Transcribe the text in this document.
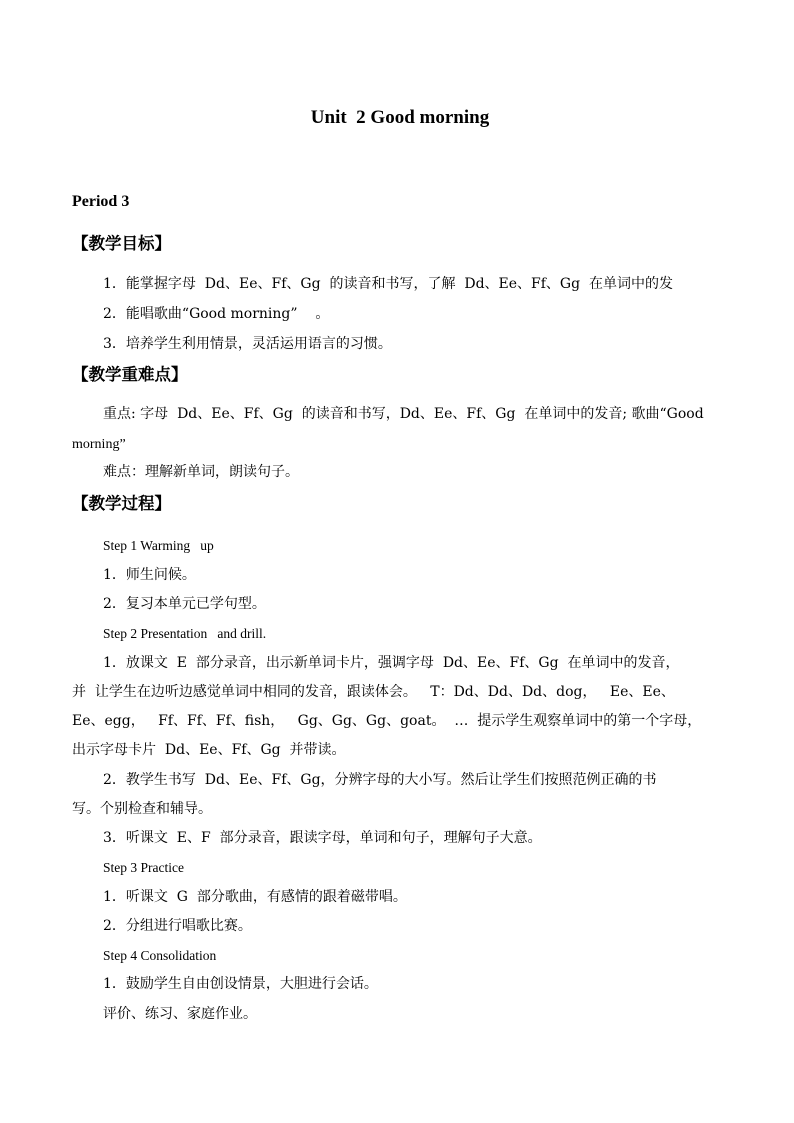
Unit  2 Good morning
Period 3
【教学目标】
1．能掌握字母  Dd、Ee、Ff、Gg  的读音和书写，了解  Dd、Ee、Ff、Gg  在单词中的发
2．能唱歌曲“Good morning”    。
3．培养学生利用情景，灵活运用语言的习惯。
【教学重难点】
重点: 字母  Dd、Ee、Ff、Gg  的读音和书写，Dd、Ee、Ff、Gg  在单词中的发音; 歌曲“Good
morning”
难点：理解新单词，朗读句子。
【教学过程】
Step 1 Warming   up
1．师生问候。
2．复习本单元已学句型。
Step 2 Presentation   and drill.
1．放课文  E  部分录音，出示新单词卡片，强调字母  Dd、Ee、Ff、Gg  在单词中的发音，
并  让学生在边听边感觉单词中相同的发音，跟读体会。   T：Dd、Dd、Dd、dog，   Ee、Ee、
Ee、egg，   Ff、Ff、Ff、fish，   Gg、Gg、Gg、goat。  …  提示学生观察单词中的第一个字母，
出示字母卡片  Dd、Ee、Ff、Gg  并带读。
2．教学生书写  Dd、Ee、Ff、Gg，分辨字母的大小写。然后让学生们按照范例正确的书
写。个别检查和辅导。
3．听课文  E、F  部分录音，跟读字母，单词和句子，理解句子大意。
Step 3 Practice
1．听课文  G  部分歌曲，有感情的跟着磁带唱。
2．分组进行唱歌比赛。
Step 4 Consolidation
1．鼓励学生自由创设情景，大胆进行会话。
评价、练习、家庭作业。
